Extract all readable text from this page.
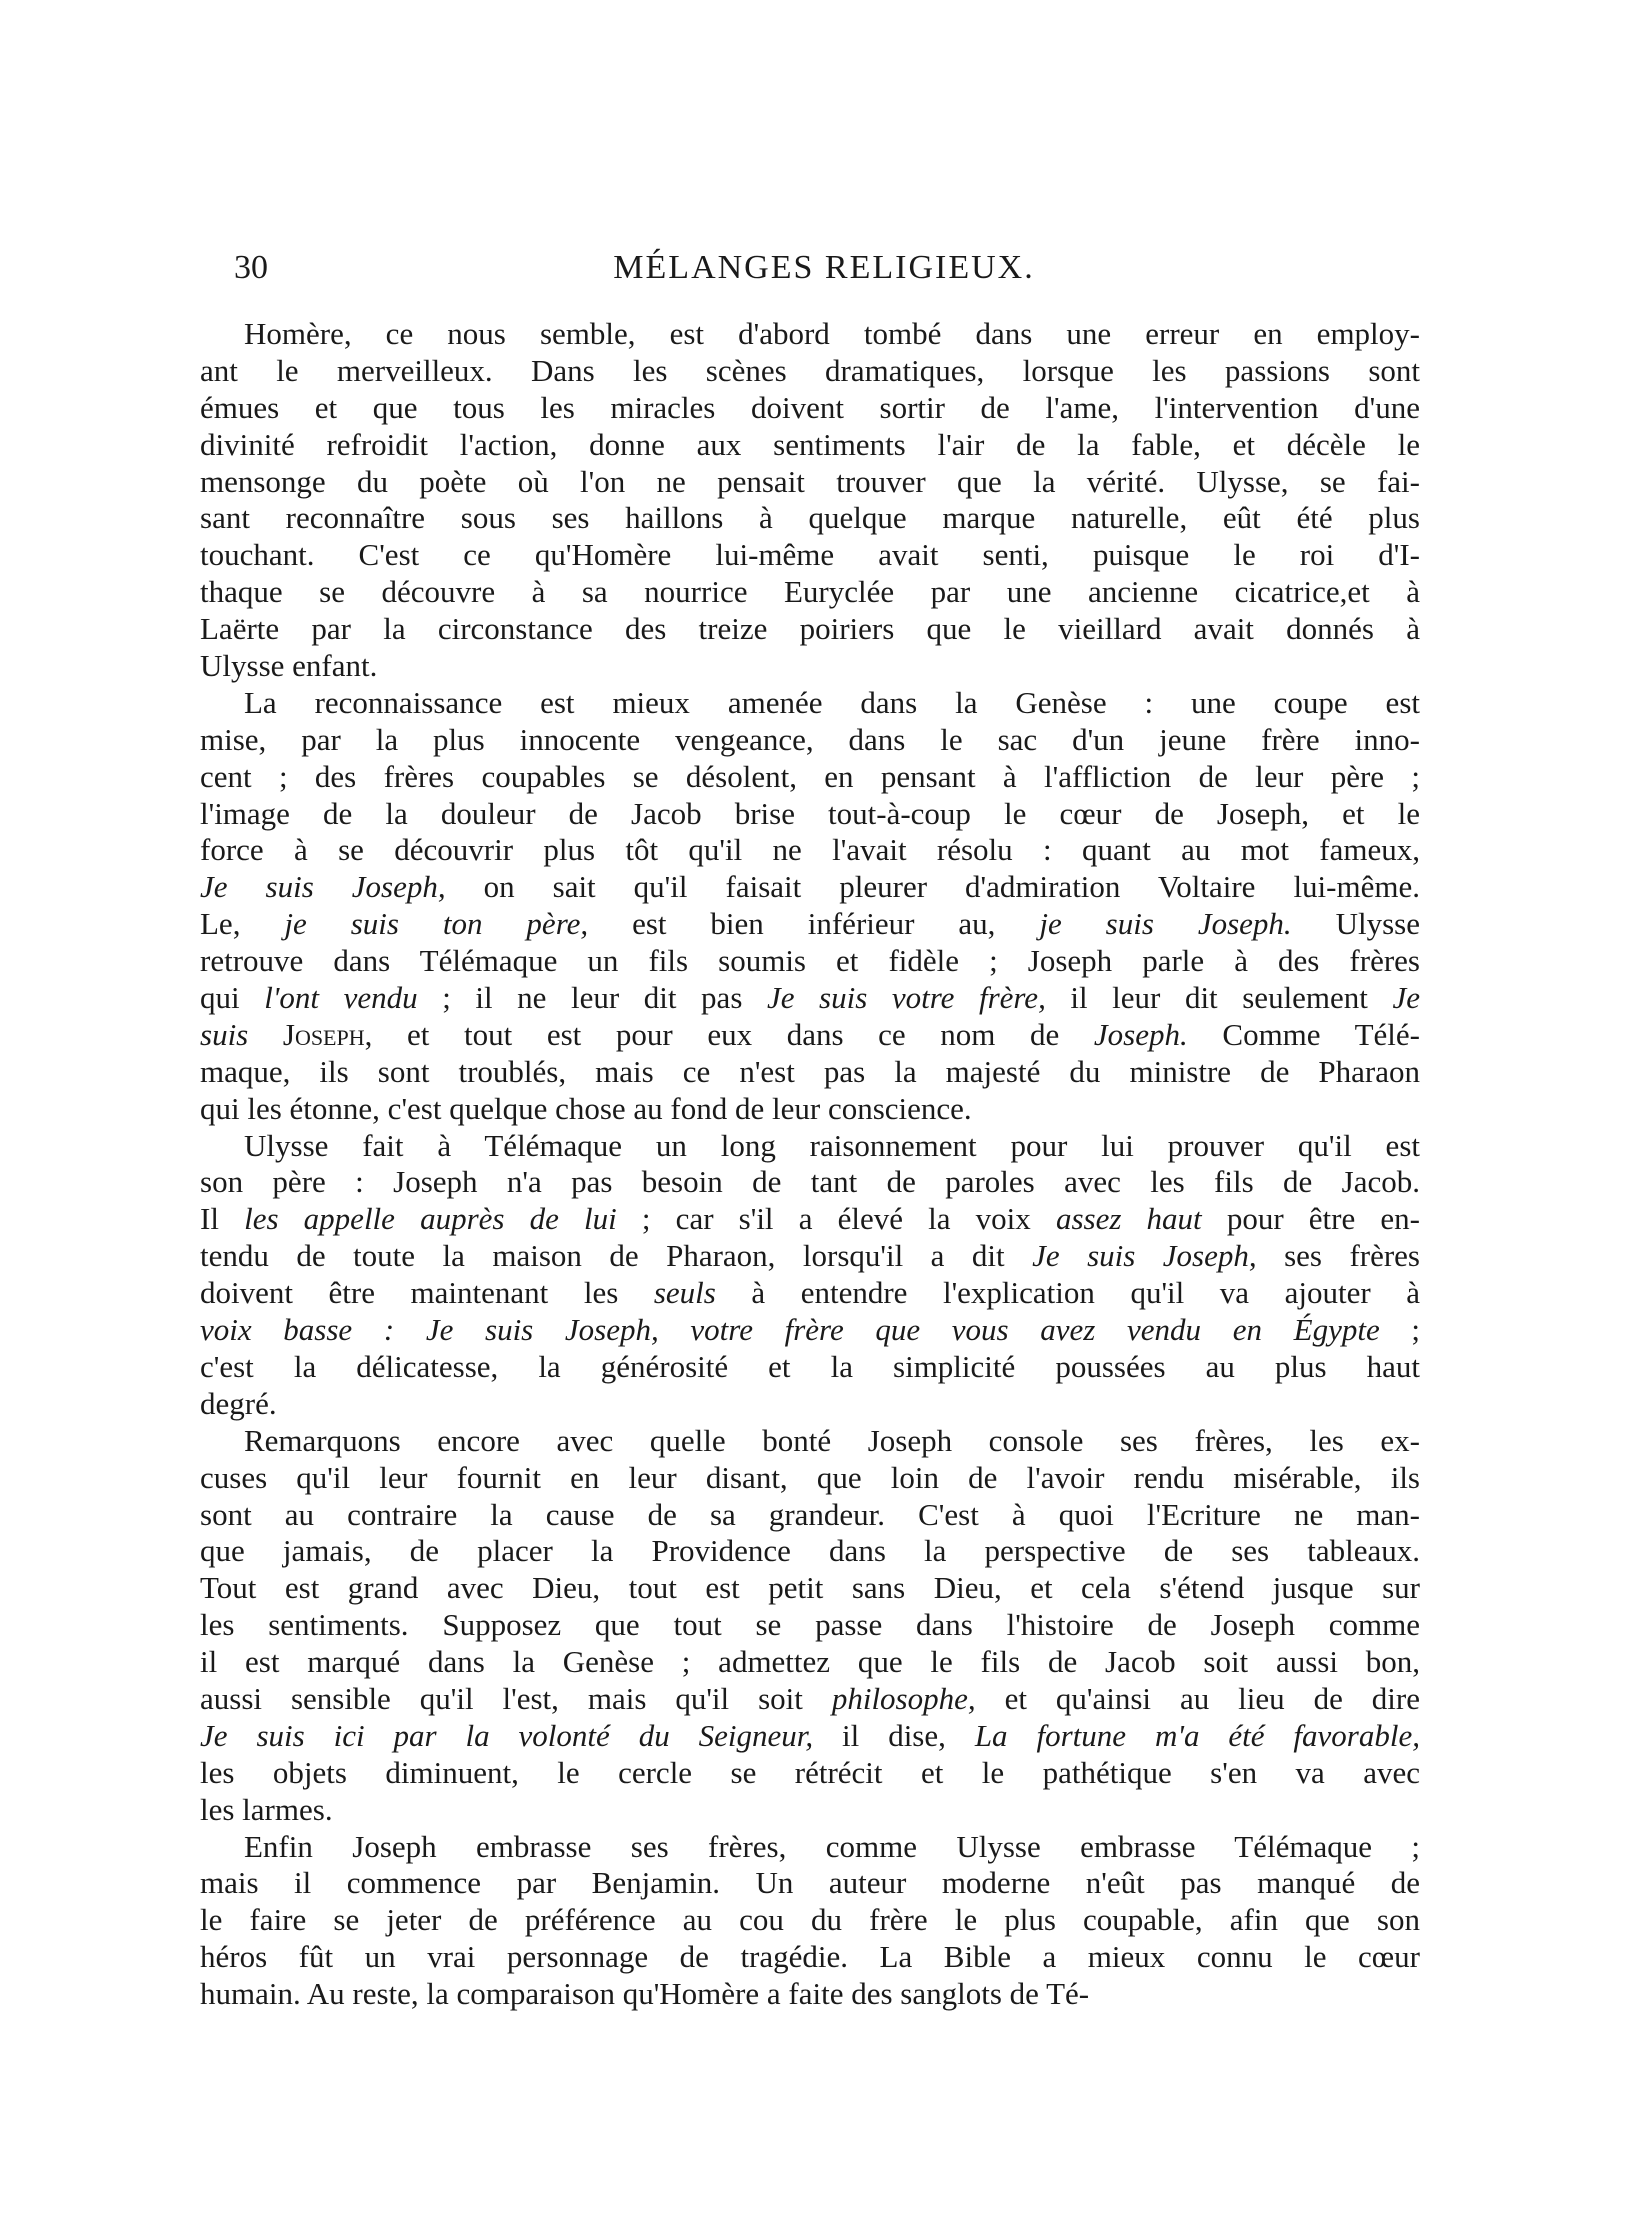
30	MÉLANGES RELIGIEUX.
Homère, ce nous semble, est d'abord tombé dans une erreur en employ-
ant le merveilleux. Dans les scènes dramatiques, lorsque les passions sont
émues et que tous les miracles doivent sortir de l'ame, l'intervention d'une
divinité refroidit l'action, donne aux sentiments l'air de la fable, et décèle le
mensonge du poète où l'on ne pensait trouver que la vérité. Ulysse, se fai-
sant reconnaître sous ses haillons à quelque marque naturelle, eût été plus
touchant. C'est ce qu'Homère lui-même avait senti, puisque le roi d'I-
thaque se découvre à sa nourrice Euryclée par une ancienne cicatrice,et à
Laërte par la circonstance des treize poiriers que le vieillard avait donnés à
Ulysse enfant.
La reconnaissance est mieux amenée dans la Genèse : une coupe est
mise, par la plus innocente vengeance, dans le sac d'un jeune frère inno-
cent ; des frères coupables se désolent, en pensant à l'affliction de leur père ;
l'image de la douleur de Jacob brise tout-à-coup le cœur de Joseph, et le
force à se découvrir plus tôt qu'il ne l'avait résolu : quant au mot fameux,
Je suis Joseph, on sait qu'il faisait pleurer d'admiration Voltaire lui-même.
Le, je suis ton père, est bien inférieur au, je suis Joseph. Ulysse
retrouve dans Télémaque un fils soumis et fidèle ; Joseph parle à des frères
qui l'ont vendu ; il ne leur dit pas Je suis votre frère, il leur dit seulement Je
suis Joseph, et tout est pour eux dans ce nom de Joseph. Comme Télé-
maque, ils sont troublés, mais ce n'est pas la majesté du ministre de Pharaon
qui les étonne, c'est quelque chose au fond de leur conscience.
Ulysse fait à Télémaque un long raisonnement pour lui prouver qu'il est
son père : Joseph n'a pas besoin de tant de paroles avec les fils de Jacob.
Il les appelle auprès de lui ; car s'il a élevé la voix assez haut pour être en-
tendu de toute la maison de Pharaon, lorsqu'il a dit Je suis Joseph, ses frères
doivent être maintenant les seuls à entendre l'explication qu'il va ajouter à
voix basse : Je suis Joseph, votre frère que vous avez vendu en Égypte ;
c'est la délicatesse, la générosité et la simplicité poussées au plus haut
degré.
Remarquons encore avec quelle bonté Joseph console ses frères, les ex-
cuses qu'il leur fournit en leur disant, que loin de l'avoir rendu misérable, ils
sont au contraire la cause de sa grandeur. C'est à quoi l'Ecriture ne man-
que jamais, de placer la Providence dans la perspective de ses tableaux.
Tout est grand avec Dieu, tout est petit sans Dieu, et cela s'étend jusque sur
les sentiments. Supposez que tout se passe dans l'histoire de Joseph comme
il est marqué dans la Genèse ; admettez que le fils de Jacob soit aussi bon,
aussi sensible qu'il l'est, mais qu'il soit philosophe, et qu'ainsi au lieu de dire
Je suis ici par la volonté du Seigneur, il dise, La fortune m'a été favorable,
les objets diminuent, le cercle se rétrécit et le pathétique s'en va avec
les larmes.
Enfin Joseph embrasse ses frères, comme Ulysse embrasse Télémaque ;
mais il commence par Benjamin. Un auteur moderne n'eût pas manqué de
le faire se jeter de préférence au cou du frère le plus coupable, afin que son
héros fût un vrai personnage de tragédie. La Bible a mieux connu le cœur
humain. Au reste, la comparaison qu'Homère a faite des sanglots de Té-
